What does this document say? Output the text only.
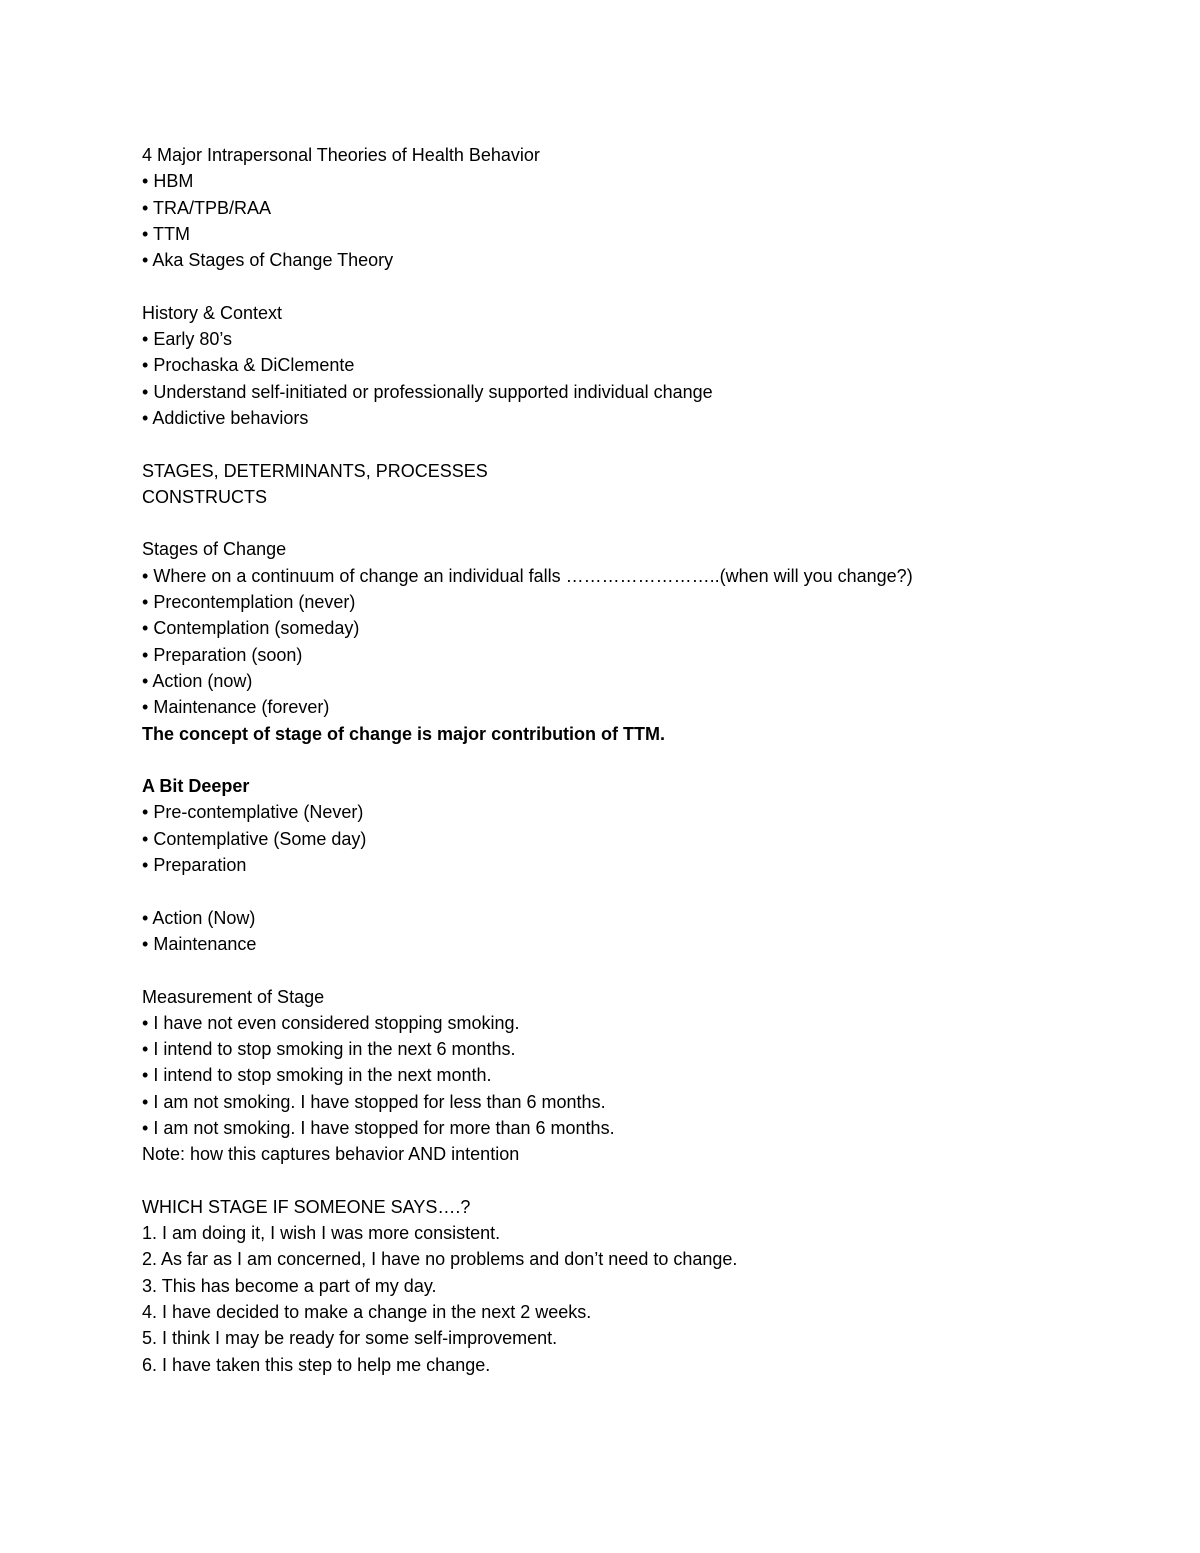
4 Major Intrapersonal Theories of Health Behavior

• HBM

• TRA/TPB/RAA

• TTM

• Aka Stages of Change Theory

History & Context

• Early 80’s

• Prochaska & DiClemente

• Understand self-initiated or professionally supported individual change

• Addictive behaviors

STAGES, DETERMINANTS, PROCESSES

CONSTRUCTS

Stages of Change

• Where on a continuum of change an individual falls ……………………..(when will you change?)

• Precontemplation (never)

• Contemplation (someday)

• Preparation (soon)

• Action (now)

• Maintenance (forever)

The concept of stage of change is major contribution of TTM.

A Bit Deeper

• Pre-contemplative (Never)

• Contemplative (Some day)

• Preparation

• Action (Now)

• Maintenance

Measurement of Stage

• I have not even considered stopping smoking.

• I intend to stop smoking in the next 6 months.

• I intend to stop smoking in the next month.

• I am not smoking. I have stopped for less than 6 months.

• I am not smoking. I have stopped for more than 6 months.

Note: how this captures behavior AND intention

WHICH STAGE IF SOMEONE SAYS….?

1. I am doing it, I wish I was more consistent.

2. As far as I am concerned, I have no problems and don’t need to change.

3. This has become a part of my day.

4. I have decided to make a change in the next 2 weeks.

5. I think I may be ready for some self-improvement.

6. I have taken this step to help me change.
